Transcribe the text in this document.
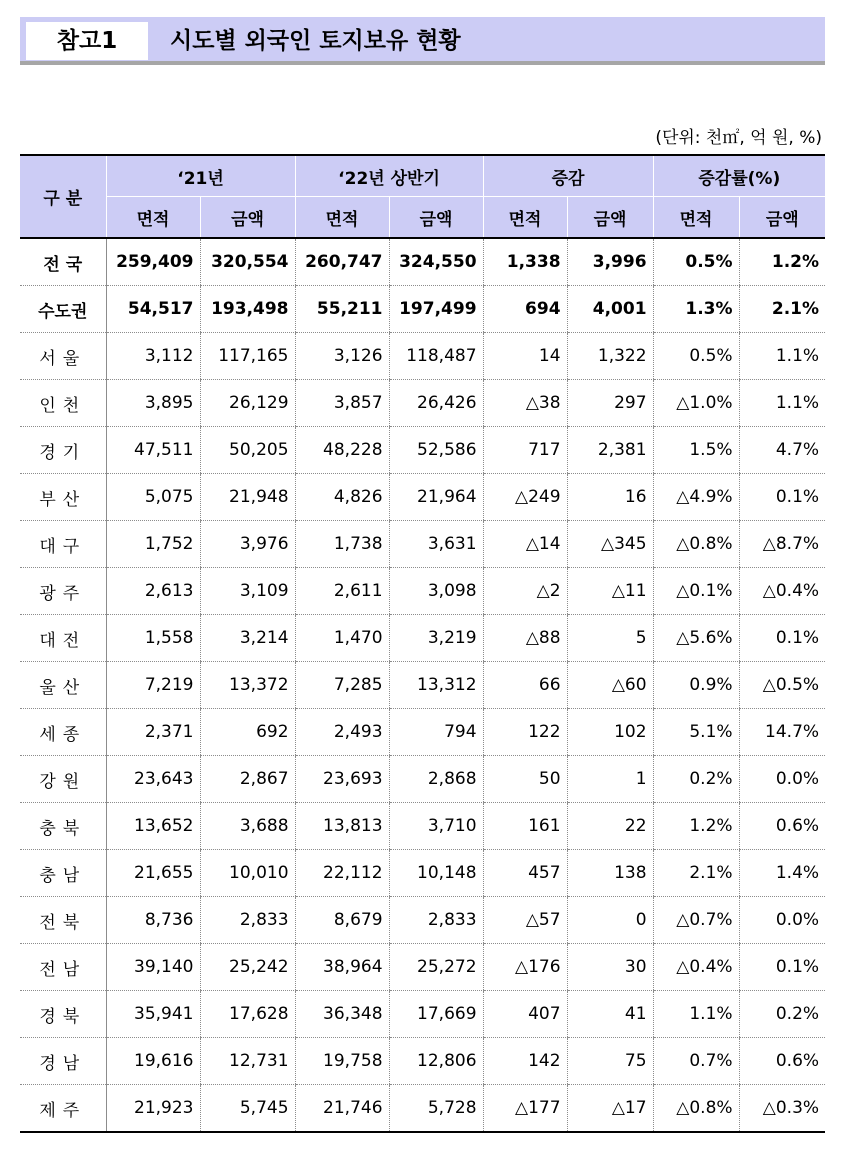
참고1	시도별 외국인 토지보유 현황
(단위: 천㎡, 억 원, %)
구 분	‘21년		‘22년 상반기		증감		증감률(%)	
	면적	금액	면적	금액	면적	금액	면적	금액
전 국	259,409	320,554	260,747	324,550	1,338	3,996	0.5%	1.2%
수도권	54,517	193,498	55,211	197,499	694	4,001	1.3%	2.1%
서울	3,112	117,165	3,126	118,487	14	1,322	0.5%	1.1%
인천	3,895	26,129	3,857	26,426	△38	297	△1.0%	1.1%
경기	47,511	50,205	48,228	52,586	717	2,381	1.5%	4.7%
부산	5,075	21,948	4,826	21,964	△249	16	△4.9%	0.1%
대구	1,752	3,976	1,738	3,631	△14	△345	△0.8%	△8.7%
광주	2,613	3,109	2,611	3,098	△2	△11	△0.1%	△0.4%
대전	1,558	3,214	1,470	3,219	△88	5	△5.6%	0.1%
울산	7,219	13,372	7,285	13,312	66	△60	0.9%	△0.5%
세종	2,371	692	2,493	794	122	102	5.1%	14.7%
강원	23,643	2,867	23,693	2,868	50	1	0.2%	0.0%
충북	13,652	3,688	13,813	3,710	161	22	1.2%	0.6%
충남	21,655	10,010	22,112	10,148	457	138	2.1%	1.4%
전북	8,736	2,833	8,679	2,833	△57	0	△0.7%	0.0%
전남	39,140	25,242	38,964	25,272	△176	30	△0.4%	0.1%
경북	35,941	17,628	36,348	17,669	407	41	1.1%	0.2%
경남	19,616	12,731	19,758	12,806	142	75	0.7%	0.6%
제주	21,923	5,745	21,746	5,728	△177	△17	△0.8%	△0.3%
